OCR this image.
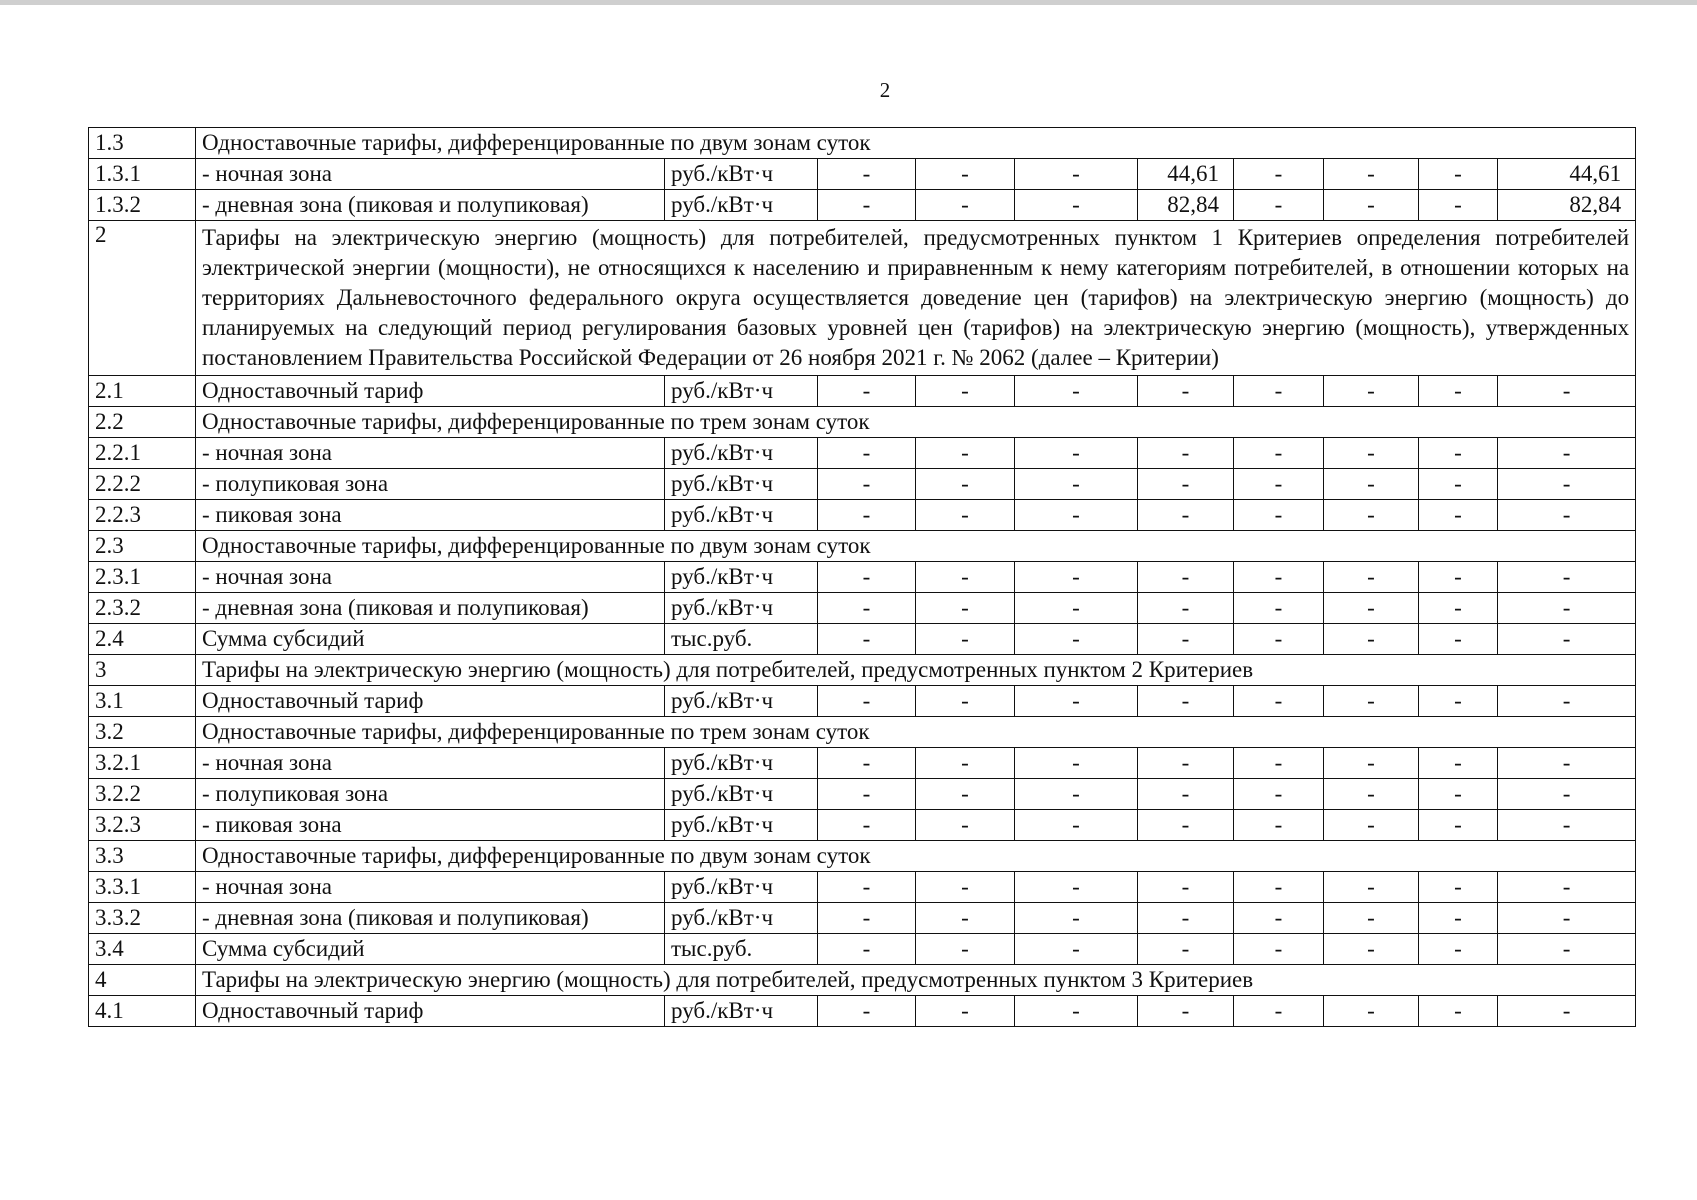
2
1.3	Одноставочные тарифы, дифференцированные по двум зонам суток									
1.3.1	- ночная зона	руб./кВт·ч	-	-	-	44,61	-	-	-	44,61
1.3.2	- дневная зона (пиковая и полупиковая)	руб./кВт·ч	-	-	-	82,84	-	-	-	82,84
2	Тарифы на электрическую энергию (мощность) для потребителей, предусмотренных пунктом 1 Критериев определения потребителей электрической энергии (мощности), не относящихся к населению и приравненным к нему категориям потребителей, в отношении которых на территориях Дальневосточного федерального округа осуществляется доведение цен (тарифов) на электрическую энергию (мощность) до планируемых на следующий период регулирования базовых уровней цен (тарифов) на электрическую энергию (мощность), утвержденных постановлением Правительства Российской Федерации от 26 ноября 2021 г. № 2062 (далее – Критерии)									
2.1	Одноставочный тариф	руб./кВт·ч	-	-	-	-	-	-	-	-
2.2	Одноставочные тарифы, дифференцированные по трем зонам суток									
2.2.1	- ночная зона	руб./кВт·ч	-	-	-	-	-	-	-	-
2.2.2	- полупиковая зона	руб./кВт·ч	-	-	-	-	-	-	-	-
2.2.3	- пиковая зона	руб./кВт·ч	-	-	-	-	-	-	-	-
2.3	Одноставочные тарифы, дифференцированные по двум зонам суток									
2.3.1	- ночная зона	руб./кВт·ч	-	-	-	-	-	-	-	-
2.3.2	- дневная зона (пиковая и полупиковая)	руб./кВт·ч	-	-	-	-	-	-	-	-
2.4	Сумма субсидий	тыс.руб.	-	-	-	-	-	-	-	-
3	Тарифы на электрическую энергию (мощность) для потребителей, предусмотренных пунктом 2 Критериев									
3.1	Одноставочный тариф	руб./кВт·ч	-	-	-	-	-	-	-	-
3.2	Одноставочные тарифы, дифференцированные по трем зонам суток									
3.2.1	- ночная зона	руб./кВт·ч	-	-	-	-	-	-	-	-
3.2.2	- полупиковая зона	руб./кВт·ч	-	-	-	-	-	-	-	-
3.2.3	- пиковая зона	руб./кВт·ч	-	-	-	-	-	-	-	-
3.3	Одноставочные тарифы, дифференцированные по двум зонам суток									
3.3.1	- ночная зона	руб./кВт·ч	-	-	-	-	-	-	-	-
3.3.2	- дневная зона (пиковая и полупиковая)	руб./кВт·ч	-	-	-	-	-	-	-	-
3.4	Сумма субсидий	тыс.руб.	-	-	-	-	-	-	-	-
4	Тарифы на электрическую энергию (мощность) для потребителей, предусмотренных пунктом 3 Критериев									
4.1	Одноставочный тариф	руб./кВт·ч	-	-	-	-	-	-	-	-
